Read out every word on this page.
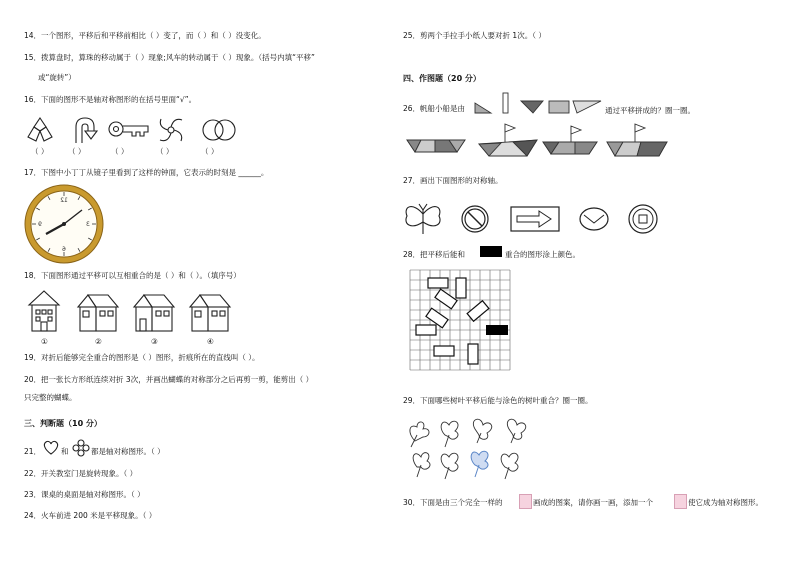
14．一个图形，平移后和平移前相比（ ）变了，而（ ）和（ ）没变化。
15．拨算盘时，算珠的移动属于（ ）现象;风车的转动属于（ ）现象。（括号内填“平移”
或“旋转”）
16．下面的图形不是轴对称图形的在括号里面“√”。
（ ）	（ ）	（ ）	（ ）	（ ）
17．下图中小丁丁从镜子里看到了这样的钟面，它表示的时刻是 ______。
12
6
3
9
18．下面图形通过平移可以互相重合的是（ ）和（ ）。（填序号）
①	②	③	④
19．对折后能够完全重合的图形是（ ）图形，折痕所在的直线叫（ ）。
20．把一张长方形纸连续对折 3次，并画出蝴蝶的对称部分之后再剪一剪，能剪出（ ）
只完整的蝴蝶。
三、判断题（10 分）
21．	和	都是轴对称图形。（ ）
22．开关教室门是旋转现象。（ ）
23．课桌的桌面是轴对称图形。（ ）
24．火车前进 200 米是平移现象。（ ）
25．剪两个手拉手小纸人要对折 1次。（ ）
四、作图题（20 分）
26．帆船小船是由	通过平移拼成的？圈一圈。
27．画出下面图形的对称轴。
28．把平移后能和	重合的图形涂上颜色。
29．下面哪些树叶平移后能与涂色的树叶重合？圈一圈。
30．下面是由三个完全一样的	画成的图案，请你画一画，添加一个	使它成为轴对称图形。
